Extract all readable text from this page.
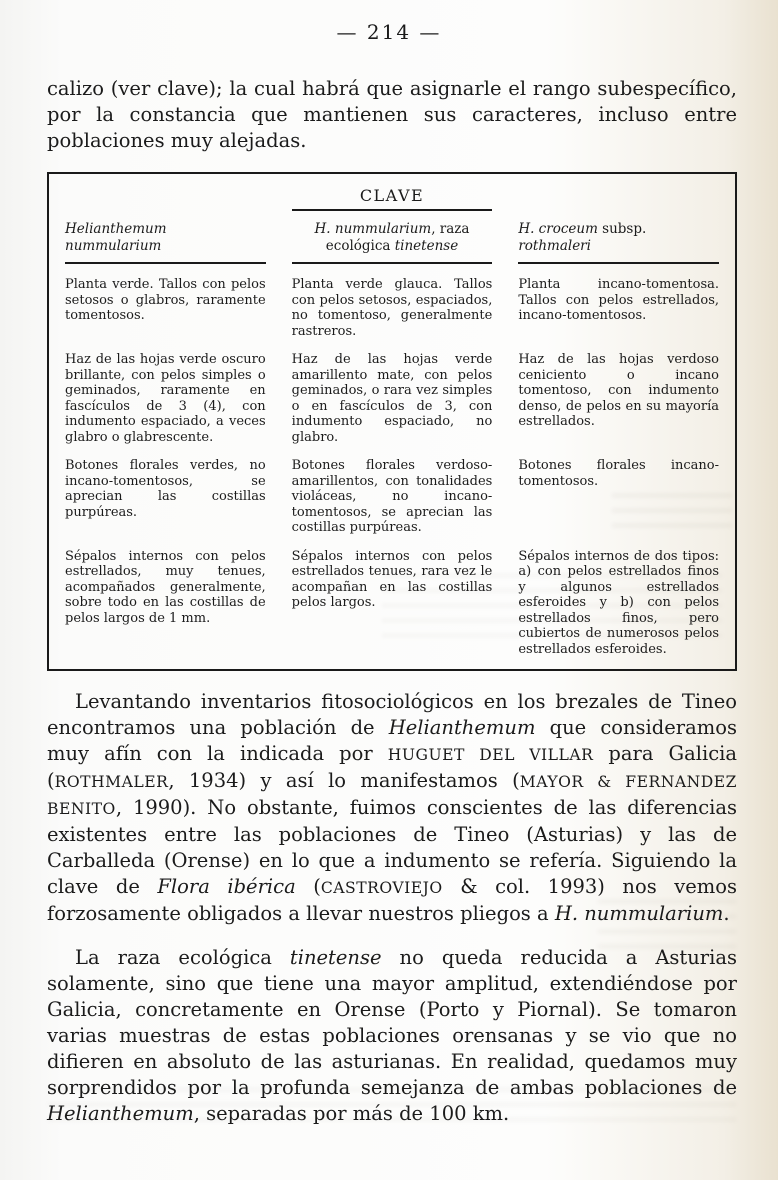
— 214 —

calizo (ver clave); la cual habrá que asignarle el rango subespecífico, por la constancia que mantienen sus caracteres, incluso entre poblaciones muy alejadas.

CLAVE
Helianthemum nummularium
H. nummularium, raza ecológica tinetense
H. croceum subsp. rothmaleri
Planta verde. Tallos con pelos setosos o glabros, raramente tomentosos.
Planta verde glauca. Tallos con pelos setosos, espaciados, no tomentoso, generalmente rastreros.
Planta incano-tomentosa. Tallos con pelos estrellados, incano-tomentosos.
Haz de las hojas verde oscuro brillante, con pelos simples o geminados, raramente en fascículos de 3 (4), con indumento espaciado, a veces glabro o glabrescente.
Haz de las hojas verde amarillento mate, con pelos geminados, o rara vez simples o en fascículos de 3, con indumento espaciado, no glabro.
Haz de las hojas verdoso ceniciento o incano tomentoso, con indumento denso, de pelos en su mayoría estrellados.
Botones florales verdes, no incano-tomentosos, se aprecian las costillas purpúreas.
Botones florales verdoso-amarillentos, con tonalidades violáceas, no incano-tomentosos, se aprecian las costillas purpúreas.
Botones florales incano-tomentosos.
Sépalos internos con pelos estrellados, muy tenues, acompañados generalmente, sobre todo en las costillas de pelos largos de 1 mm.
Sépalos internos con pelos estrellados tenues, rara vez le acompañan en las costillas pelos largos.
Sépalos internos de dos tipos: a) con pelos estrellados finos y algunos estrellados esferoides y b) con pelos estrellados finos, pero cubiertos de numerosos pelos estrellados esferoides.

Levantando inventarios fitosociológicos en los brezales de Tineo encontramos una población de Helianthemum que consideramos muy afín con la indicada por HUGUET DEL VILLAR para Galicia (ROTHMALER, 1934) y así lo manifestamos (MAYOR & FERNANDEZ BENITO, 1990). No obstante, fuimos conscientes de las diferencias existentes entre las poblaciones de Tineo (Asturias) y las de Carballeda (Orense) en lo que a indumento se refería. Siguiendo la clave de Flora ibérica (CASTROVIEJO & col. 1993) nos vemos forzosamente obligados a llevar nuestros pliegos a H. nummularium.

La raza ecológica tinetense no queda reducida a Asturias solamente, sino que tiene una mayor amplitud, extendiéndose por Galicia, concretamente en Orense (Porto y Piornal). Se tomaron varias muestras de estas poblaciones orensanas y se vio que no difieren en absoluto de las asturianas. En realidad, quedamos muy sorprendidos por la profunda semejanza de ambas poblaciones de Helianthemum, separadas por más de 100 km.
